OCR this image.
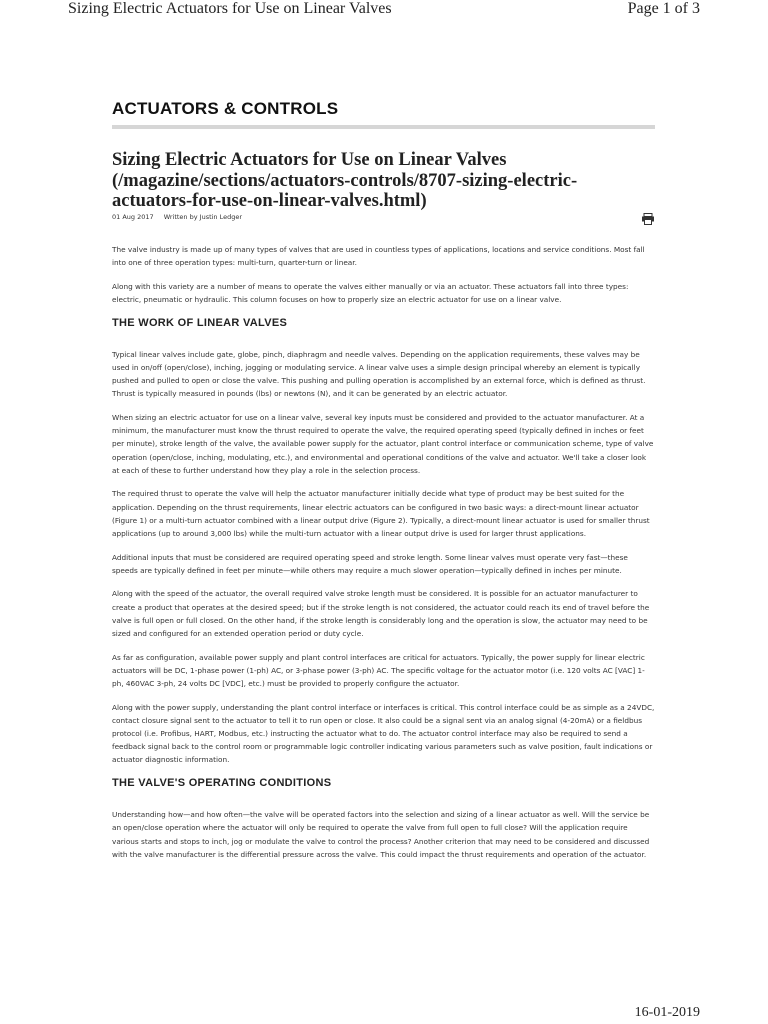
Sizing Electric Actuators for Use on Linear Valves	Page 1 of 3
ACTUATORS & CONTROLS
Sizing Electric Actuators for Use on Linear Valves (/magazine/sections/actuators-controls/8707-sizing-electric-actuators-for-use-on-linear-valves.html)
01 Aug 2017 Written by Justin Ledger

The valve industry is made up of many types of valves that are used in countless types of applications, locations and service conditions. Most fall into one of three operation types: multi-turn, quarter-turn or linear.

Along with this variety are a number of means to operate the valves either manually or via an actuator. These actuators fall into three types: electric, pneumatic or hydraulic. This column focuses on how to properly size an electric actuator for use on a linear valve.

THE WORK OF LINEAR VALVES

Typical linear valves include gate, globe, pinch, diaphragm and needle valves. Depending on the application requirements, these valves may be used in on/off (open/close), inching, jogging or modulating service. A linear valve uses a simple design principal whereby an element is typically pushed and pulled to open or close the valve. This pushing and pulling operation is accomplished by an external force, which is defined as thrust. Thrust is typically measured in pounds (lbs) or newtons (N), and it can be generated by an electric actuator.

When sizing an electric actuator for use on a linear valve, several key inputs must be considered and provided to the actuator manufacturer. At a minimum, the manufacturer must know the thrust required to operate the valve, the required operating speed (typically defined in inches or feet per minute), stroke length of the valve, the available power supply for the actuator, plant control interface or communication scheme, type of valve operation (open/close, inching, modulating, etc.), and environmental and operational conditions of the valve and actuator. We'll take a closer look at each of these to further understand how they play a role in the selection process.

The required thrust to operate the valve will help the actuator manufacturer initially decide what type of product may be best suited for the application. Depending on the thrust requirements, linear electric actuators can be configured in two basic ways: a direct-mount linear actuator (Figure 1) or a multi-turn actuator combined with a linear output drive (Figure 2). Typically, a direct-mount linear actuator is used for smaller thrust applications (up to around 3,000 lbs) while the multi-turn actuator with a linear output drive is used for larger thrust applications.

Additional inputs that must be considered are required operating speed and stroke length. Some linear valves must operate very fast—these speeds are typically defined in feet per minute—while others may require a much slower operation—typically defined in inches per minute.

Along with the speed of the actuator, the overall required valve stroke length must be considered. It is possible for an actuator manufacturer to create a product that operates at the desired speed; but if the stroke length is not considered, the actuator could reach its end of travel before the valve is full open or full closed. On the other hand, if the stroke length is considerably long and the operation is slow, the actuator may need to be sized and configured for an extended operation period or duty cycle.

As far as configuration, available power supply and plant control interfaces are critical for actuators. Typically, the power supply for linear electric actuators will be DC, 1-phase power (1-ph) AC, or 3-phase power (3-ph) AC. The specific voltage for the actuator motor (i.e. 120 volts AC [VAC] 1-ph, 460VAC 3-ph, 24 volts DC [VDC], etc.) must be provided to properly configure the actuator.

Along with the power supply, understanding the plant control interface or interfaces is critical. This control interface could be as simple as a 24VDC, contact closure signal sent to the actuator to tell it to run open or close. It also could be a signal sent via an analog signal (4-20mA) or a fieldbus protocol (i.e. Profibus, HART, Modbus, etc.) instructing the actuator what to do. The actuator control interface may also be required to send a feedback signal back to the control room or programmable logic controller indicating various parameters such as valve position, fault indications or actuator diagnostic information.

THE VALVE'S OPERATING CONDITIONS

Understanding how—and how often—the valve will be operated factors into the selection and sizing of a linear actuator as well. Will the service be an open/close operation where the actuator will only be required to operate the valve from full open to full close? Will the application require various starts and stops to inch, jog or modulate the valve to control the process? Another criterion that may need to be considered and discussed with the valve manufacturer is the differential pressure across the valve. This could impact the thrust requirements and operation of the actuator.

16-01-2019
